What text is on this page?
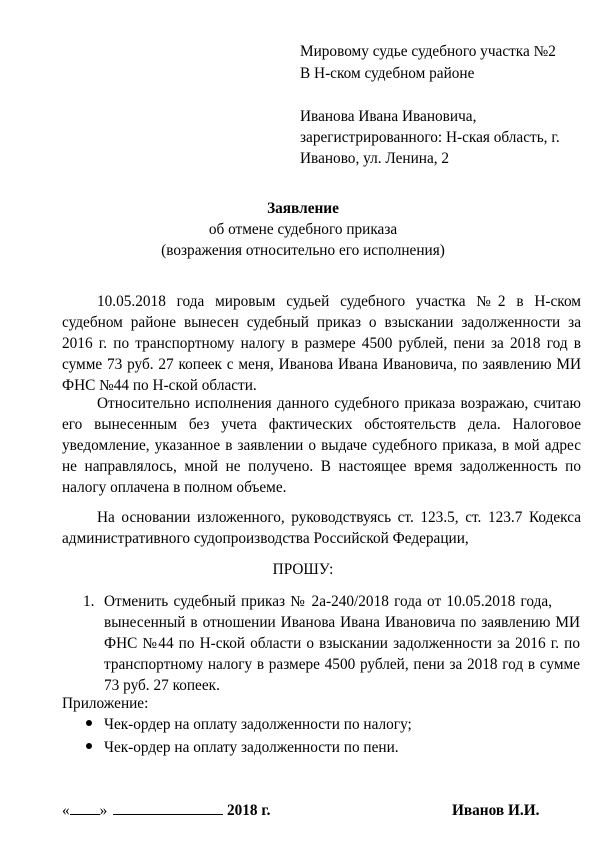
Мировому судье судебного участка №2
В Н-ском судебном районе
Иванова Ивана Ивановича,
зарегистрированного: Н-ская область, г.
Иваново, ул. Ленина, 2
Заявление
об отмене судебного приказа
(возражения относительно его исполнения)
10.05.2018 года мировым судьей судебного участка №2 в Н-ском
судебном районе вынесен судебный приказ о взыскании задолженности за
2016 г. по транспортному налогу в размере 4500 рублей, пени за 2018 год в
сумме 73 руб. 27 копеек с меня, Иванова Ивана Ивановича, по заявлению МИ
ФНС №44 по Н-ской области.
Относительно исполнения данного судебного приказа возражаю, считаю
его вынесенным без учета фактических обстоятельств дела. Налоговое
уведомление, указанное в заявлении о выдаче судебного приказа, в мой адрес
не направлялось, мной не получено. В настоящее время задолженность по
налогу оплачена в полном объеме.
На основании изложенного, руководствуясь ст. 123.5, ст. 123.7 Кодекса
административного судопроизводства Российской Федерации,
ПРОШУ:
1. Отменить судебный приказ № 2а-240/2018 года от 10.05.2018 года,
вынесенный в отношении Иванова Ивана Ивановича по заявлению МИ
ФНС №44 по Н-ской области о взыскании задолженности за 2016 г. по
транспортному налогу в размере 4500 рублей, пени за 2018 год в сумме
73 руб. 27 копеек.
Приложение:
Чек-ордер на оплату задолженности по налогу;
Чек-ордер на оплату задолженности по пени.
« »	2018 г.	Иванов И.И.
